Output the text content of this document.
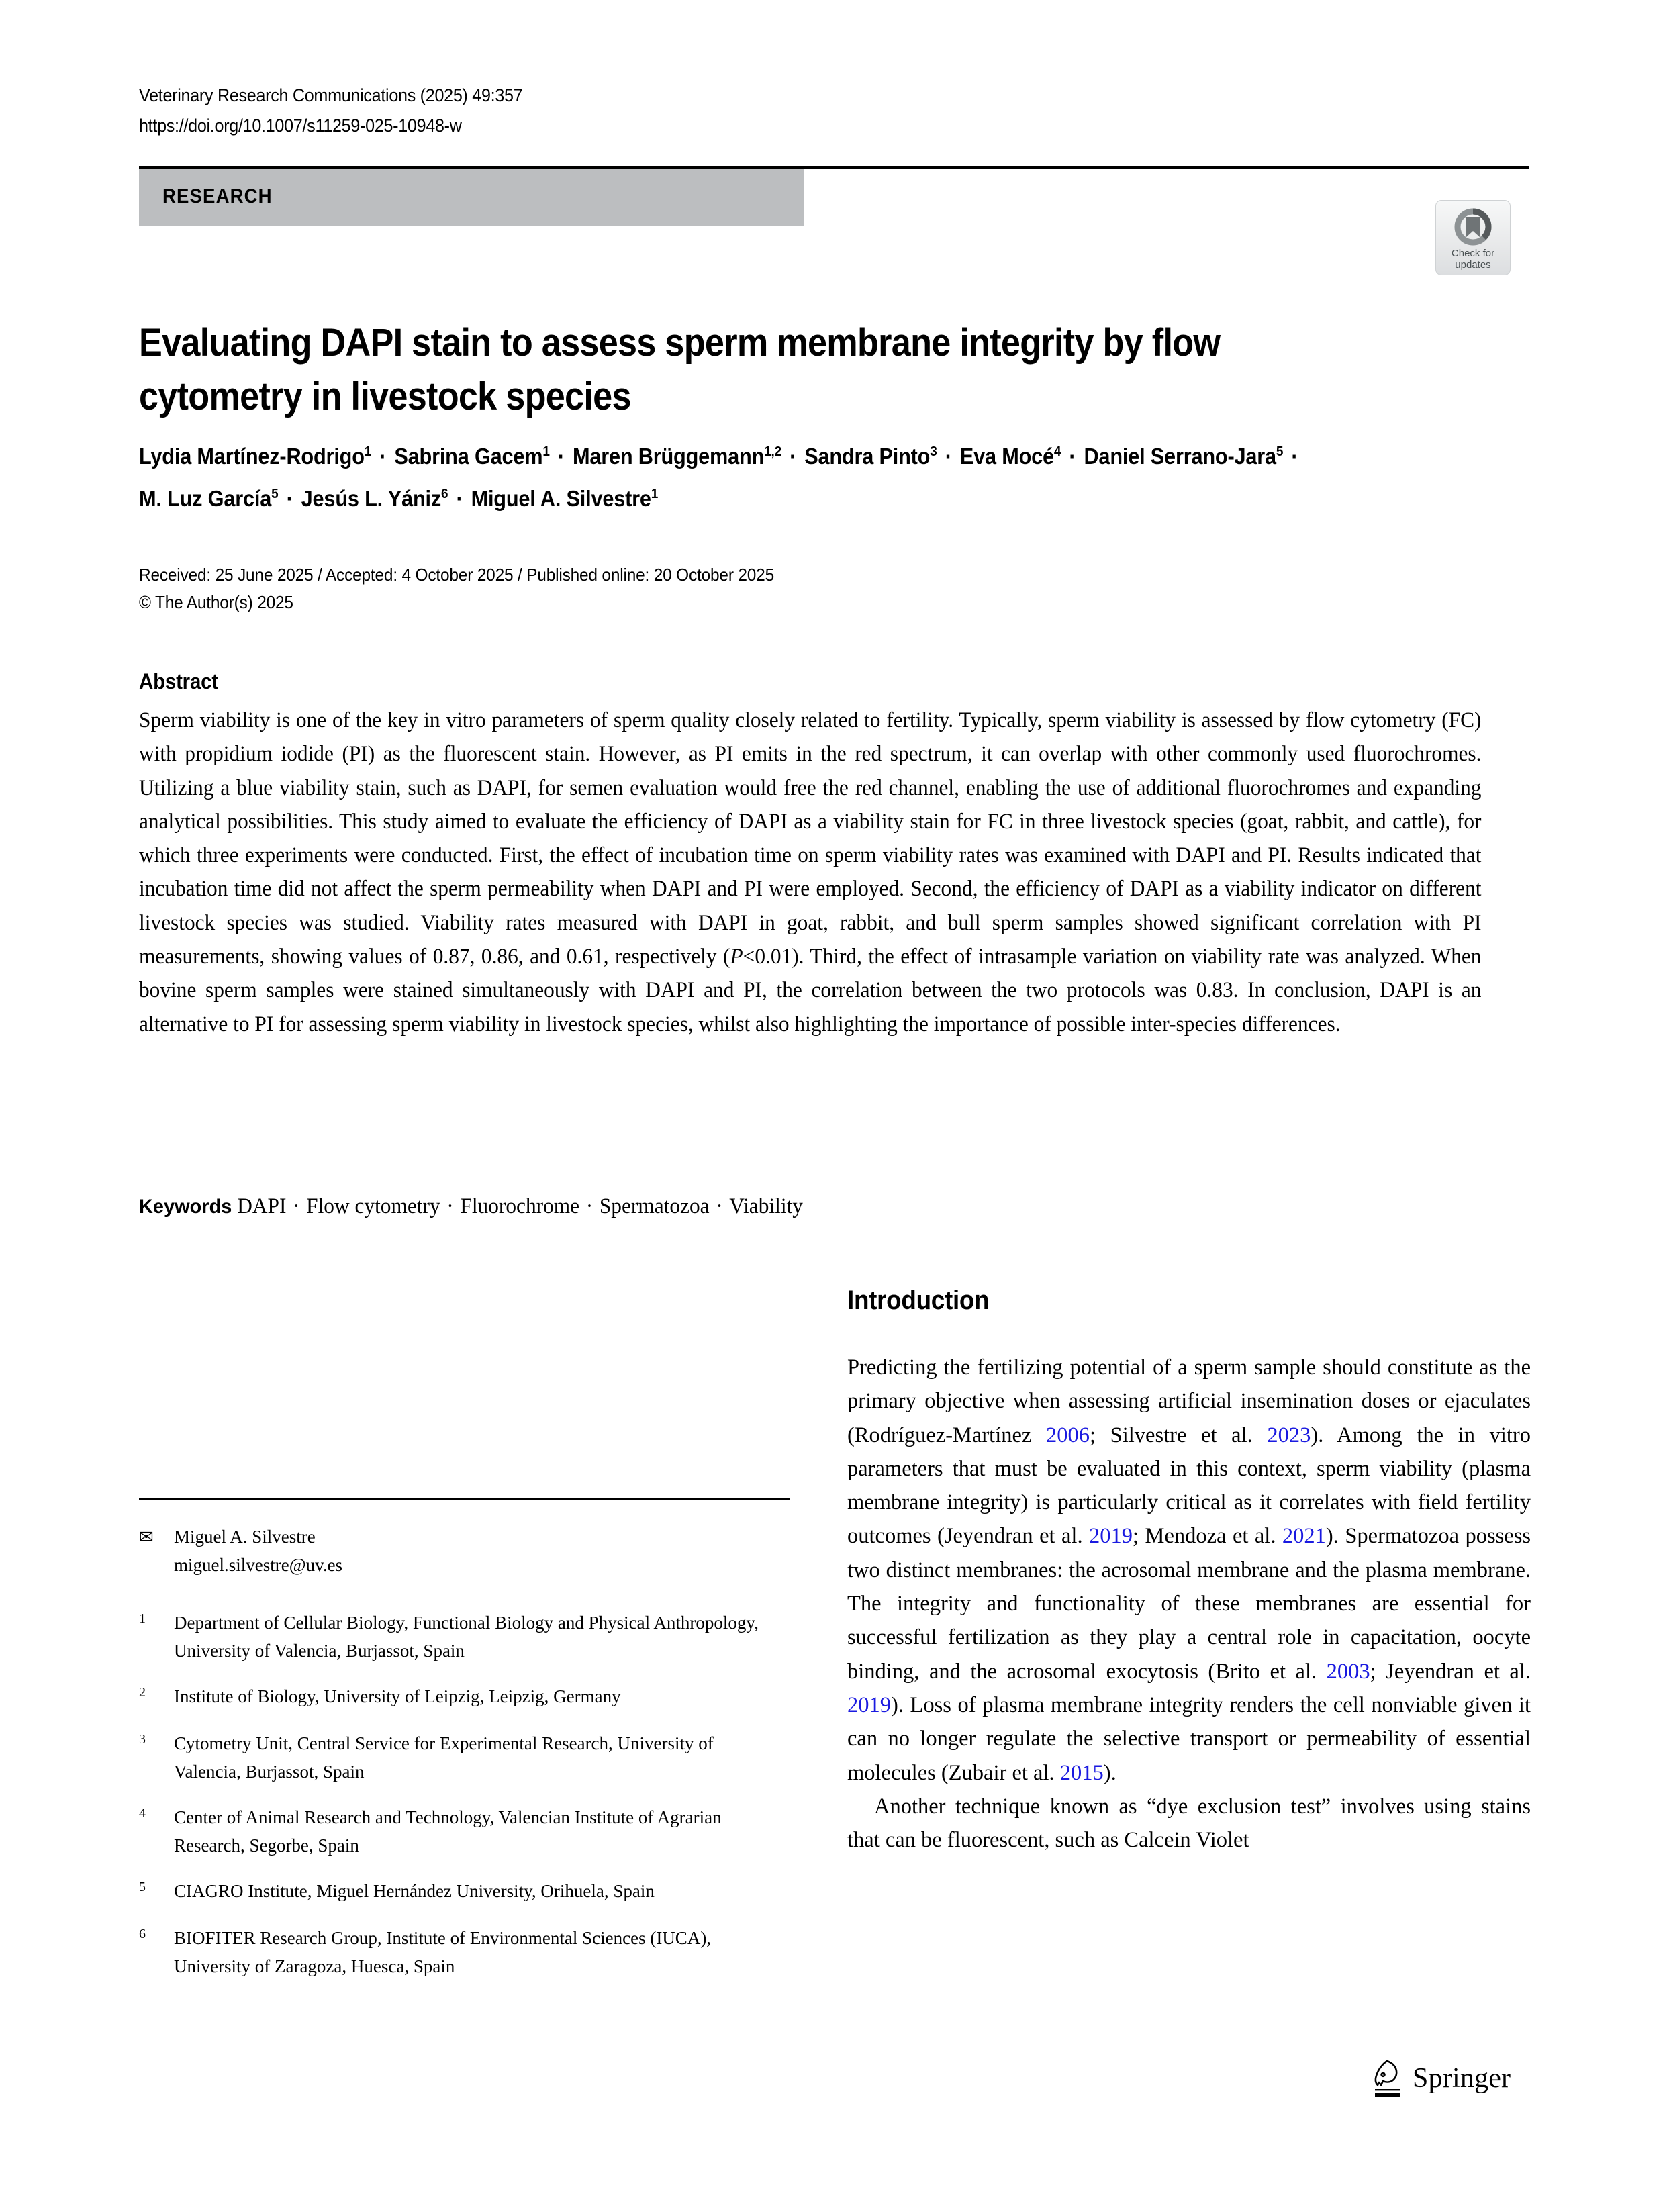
Veterinary Research Communications (2025) 49:357
https://doi.org/10.1007/s11259-025-10948-w
RESEARCH
Check for
updates
Evaluating DAPI stain to assess sperm membrane integrity by flow cytometry in livestock species
Lydia Martínez-Rodrigo$^1$ · Sabrina Gacem$^1$ · Maren Brüggemann$^{1,2}$ · Sandra Pinto$^3$ · Eva Mocé$^4$ · Daniel Serrano-Jara$^5$ · M. Luz García$^5$ · Jesús L. Yániz$^6$ · Miguel A. Silvestre$^1$
Received: 25 June 2025 / Accepted: 4 October 2025 / Published online: 20 October 2025
© The Author(s) 2025
Abstract
Sperm viability is one of the key in vitro parameters of sperm quality closely related to fertility. Typically, sperm viability is assessed by flow cytometry (FC) with propidium iodide (PI) as the fluorescent stain. However, as PI emits in the red spectrum, it can overlap with other commonly used fluorochromes. Utilizing a blue viability stain, such as DAPI, for semen evaluation would free the red channel, enabling the use of additional fluorochromes and expanding analytical possibilities. This study aimed to evaluate the efficiency of DAPI as a viability stain for FC in three livestock species (goat, rabbit, and cattle), for which three experiments were conducted. First, the effect of incubation time on sperm viability rates was examined with DAPI and PI. Results indicated that incubation time did not affect the sperm permeability when DAPI and PI were employed. Second, the efficiency of DAPI as a viability indicator on different livestock species was studied. Viability rates measured with DAPI in goat, rabbit, and bull sperm samples showed significant correlation with PI measurements, showing values of 0.87, 0.86, and 0.61, respectively (P<0.01). Third, the effect of intrasample variation on viability rate was analyzed. When bovine sperm samples were stained simultaneously with DAPI and PI, the correlation between the two protocols was 0.83. In conclusion, DAPI is an alternative to PI for assessing sperm viability in livestock species, whilst also highlighting the importance of possible inter-species differences.
Keywords DAPI · Flow cytometry · Fluorochrome · Spermatozoa · Viability
✉ Miguel A. Silvestre
miguel.silvestre@uv.es
1	Department of Cellular Biology, Functional Biology and Physical Anthropology, University of Valencia, Burjassot, Spain
2	Institute of Biology, University of Leipzig, Leipzig, Germany
3	Cytometry Unit, Central Service for Experimental Research, University of Valencia, Burjassot, Spain
4	Center of Animal Research and Technology, Valencian Institute of Agrarian Research, Segorbe, Spain
5	CIAGRO Institute, Miguel Hernández University, Orihuela, Spain
6	BIOFITER Research Group, Institute of Environmental Sciences (IUCA), University of Zaragoza, Huesca, Spain
Introduction

Predicting the fertilizing potential of a sperm sample should constitute as the primary objective when assessing artificial insemination doses or ejaculates (Rodríguez-Martínez 2006; Silvestre et al. 2023). Among the in vitro parameters that must be evaluated in this context, sperm viability (plasma membrane integrity) is particularly critical as it correlates with field fertility outcomes (Jeyendran et al. 2019; Mendoza et al. 2021). Spermatozoa possess two distinct membranes: the acrosomal membrane and the plasma membrane. The integrity and functionality of these membranes are essential for successful fertilization as they play a central role in capacitation, oocyte binding, and the acrosomal exocytosis (Brito et al. 2003; Jeyendran et al. 2019). Loss of plasma membrane integrity renders the cell nonviable given it can no longer regulate the selective transport or permeability of essential molecules (Zubair et al. 2015).

Another technique known as “dye exclusion test” involves using stains that can be fluorescent, such as Calcein Violet

Springer
